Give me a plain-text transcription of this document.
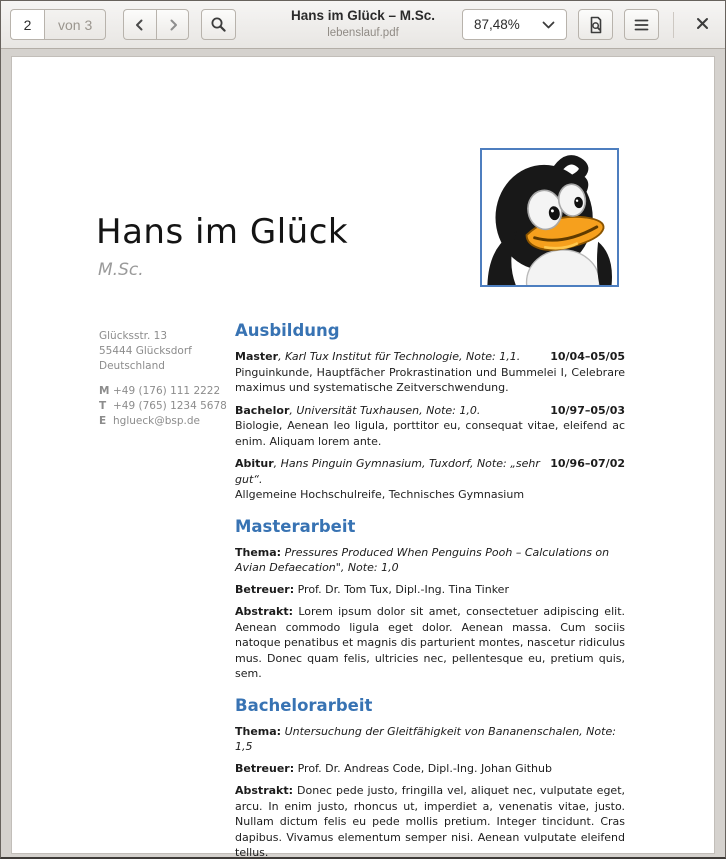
2
von 3
Hans im Glück – M.Sc.
lebenslauf.pdf
87,48%
Hans im Glück
M.Sc.
Glücksstr. 13
55444 Glücksdorf
Deutschland
M +49 (176) 111 2222
T +49 (765) 1234 5678
E hglueck@bsp.de
Ausbildung
10/04–05/05
Master, Karl Tux Institut für Technologie, Note: 1,1.
Pinguinkunde, Hauptfächer Prokrastination und Bummelei I, Celebrare maximus und systematische Zeitverschwendung.
10/97–05/03
Bachelor, Universität Tuxhausen, Note: 1,0.
Biologie, Aenean leo ligula, porttitor eu, consequat vitae, eleifend ac enim. Aliquam lorem ante.
10/96–07/02
Abitur, Hans Pinguin Gymnasium, Tuxdorf, Note: „sehr gut“.
Allgemeine Hochschulreife, Technisches Gymnasium
Masterarbeit
Thema: Pressures Produced When Penguins Pooh – Calculations on Avian Defaecation", Note: 1,0
Betreuer: Prof. Dr. Tom Tux, Dipl.-Ing. Tina Tinker
Abstrakt: Lorem ipsum dolor sit amet, consectetuer adipiscing elit. Aenean commodo ligula eget dolor. Aenean massa. Cum sociis natoque penatibus et magnis dis parturient montes, nascetur ridiculus mus. Donec quam felis, ultricies nec, pellentesque eu, pretium quis, sem.
Bachelorarbeit
Thema: Untersuchung der Gleitfähigkeit von Bananenschalen, Note: 1,5
Betreuer: Prof. Dr. Andreas Code, Dipl.-Ing. Johan Github
Abstrakt: Donec pede justo, fringilla vel, aliquet nec, vulputate eget, arcu. In enim justo, rhoncus ut, imperdiet a, venenatis vitae, justo. Nullam dictum felis eu pede mollis pretium. Integer tincidunt. Cras dapibus. Vivamus elementum semper nisi. Aenean vulputate eleifend tellus.
